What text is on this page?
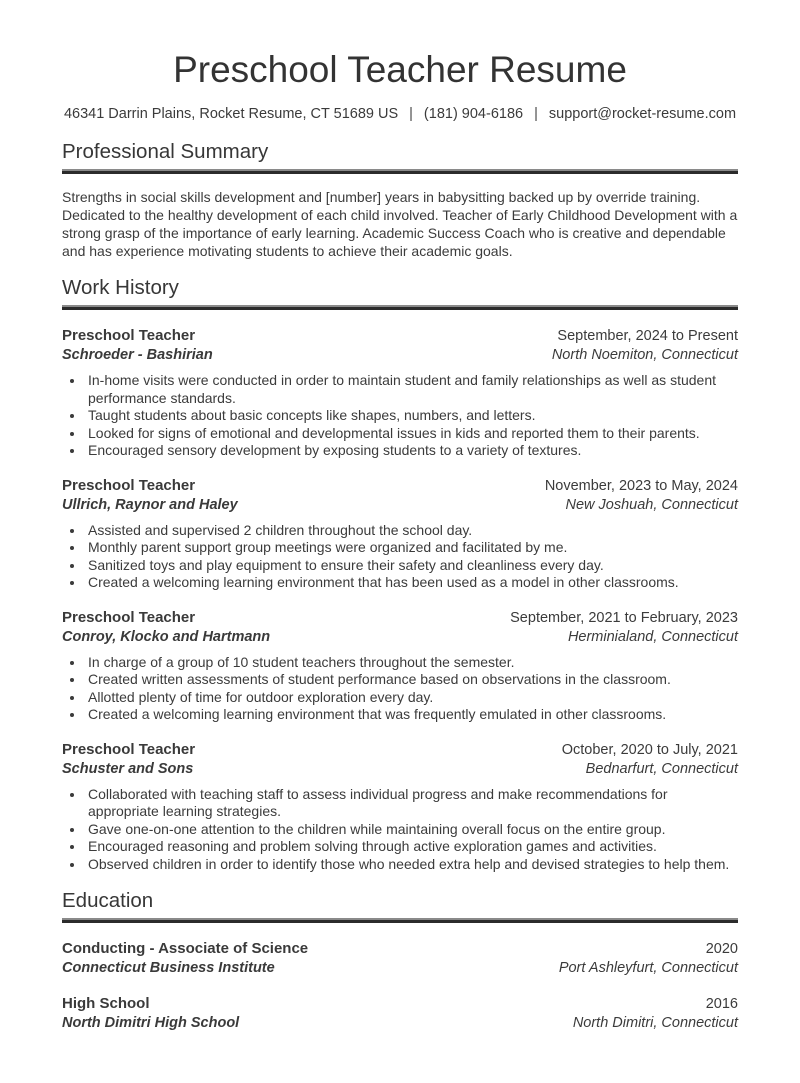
Preschool Teacher Resume
46341 Darrin Plains, Rocket Resume, CT 51689 US | (181) 904-6186 | support@rocket-resume.com
Professional Summary

Strengths in social skills development and [number] years in babysitting backed up by override training. Dedicated to the healthy development of each child involved. Teacher of Early Childhood Development with a strong grasp of the importance of early learning. Academic Success Coach who is creative and dependable and has experience motivating students to achieve their academic goals.

Work History
Preschool Teacher	September, 2024 to Present
Schroeder - Bashirian	North Noemiton, Connecticut
• In-home visits were conducted in order to maintain student and family relationships as well as student performance standards.
• Taught students about basic concepts like shapes, numbers, and letters.
• Looked for signs of emotional and developmental issues in kids and reported them to their parents.
• Encouraged sensory development by exposing students to a variety of textures.
Preschool Teacher	November, 2023 to May, 2024
Ullrich, Raynor and Haley	New Joshuah, Connecticut
• Assisted and supervised 2 children throughout the school day.
• Monthly parent support group meetings were organized and facilitated by me.
• Sanitized toys and play equipment to ensure their safety and cleanliness every day.
• Created a welcoming learning environment that has been used as a model in other classrooms.
Preschool Teacher	September, 2021 to February, 2023
Conroy, Klocko and Hartmann	Herminialand, Connecticut
• In charge of a group of 10 student teachers throughout the semester.
• Created written assessments of student performance based on observations in the classroom.
• Allotted plenty of time for outdoor exploration every day.
• Created a welcoming learning environment that was frequently emulated in other classrooms.
Preschool Teacher	October, 2020 to July, 2021
Schuster and Sons	Bednarfurt, Connecticut
• Collaborated with teaching staff to assess individual progress and make recommendations for appropriate learning strategies.
• Gave one-on-one attention to the children while maintaining overall focus on the entire group.
• Encouraged reasoning and problem solving through active exploration games and activities.
• Observed children in order to identify those who needed extra help and devised strategies to help them.
Education
Conducting - Associate of Science	2020
Connecticut Business Institute	Port Ashleyfurt, Connecticut
High School	2016
North Dimitri High School	North Dimitri, Connecticut
